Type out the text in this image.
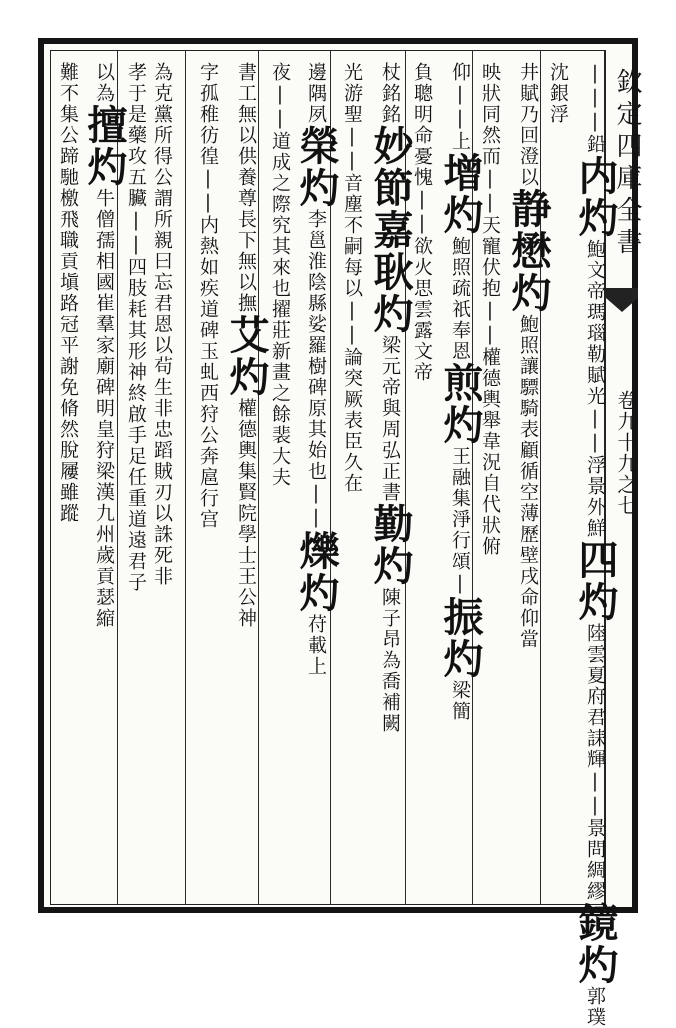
欽定四庫全書
卷九十九之七
|||鉛内灼鮑文帝瑪瑙勒賦光||浮景外鮮四灼陸雲夏府君誄輝||景問綢繆鏡灼郭璞
沈銀浮
井賦乃回澄以静懋灼鮑照讓驃騎表顧循空薄歷壁戌命仰當
映狀同然而||天寵伏抱||權德輿舉韋況自代狀俯
仰||上增灼鮑照疏祇奉恩煎灼王融集淨行頌|振灼梁簡
負聰明命憂愧||欲火思雲露文帝
杖銘銘妙節嘉耿灼梁元帝與周弘正書勤灼陳子昂為喬補闕
光游聖||音塵不嗣每以||論突厥表臣久在
邊隅夙榮灼李邕淮陰縣娑羅樹碑原其始也||爍灼苻載上
夜||道成之際究其來也擢莊新畫之餘裴大夫
書工無以供養尊長下無以撫艾灼權德輿集賢院學士王公神
字孤稚彷徨||内熱如疾道碑玉虬西狩公奔扈行宫
為克黨所得公謂所親曰忘君恩以茍生非忠蹈賊刃以誅死非
孝于是藥攻五臟||四肢耗其形神終啟手足任重道遠君子
以為擅灼牛僧孺相國崔羣家廟碑明皇狩梁漢九州歲貢瑟縮
難不集公蹄馳檄飛職貢塡路冠平謝免脩然脫屨雖蹤
